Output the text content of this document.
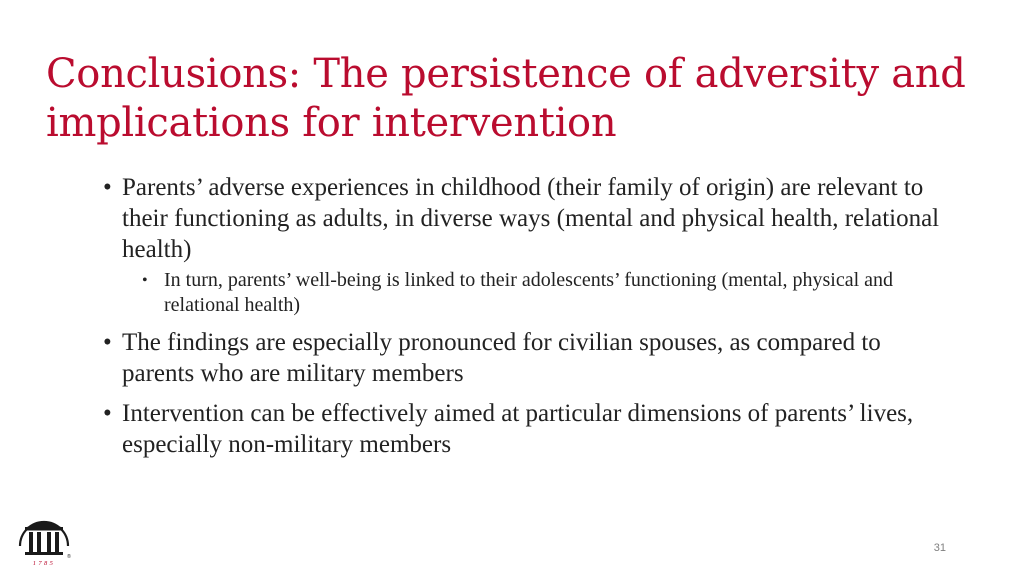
Conclusions: The persistence of adversity and implications for intervention
• Parents’ adverse experiences in childhood (their family of origin) are relevant to their functioning as adults, in diverse ways (mental and physical health, relational health)
• In turn, parents’ well-being is linked to their adolescents’ functioning (mental, physical and relational health)
• The findings are especially pronounced for civilian spouses, as compared to parents who are military members
• Intervention can be effectively aimed at particular dimensions of parents’ lives, especially non-military members
1785
®
31
